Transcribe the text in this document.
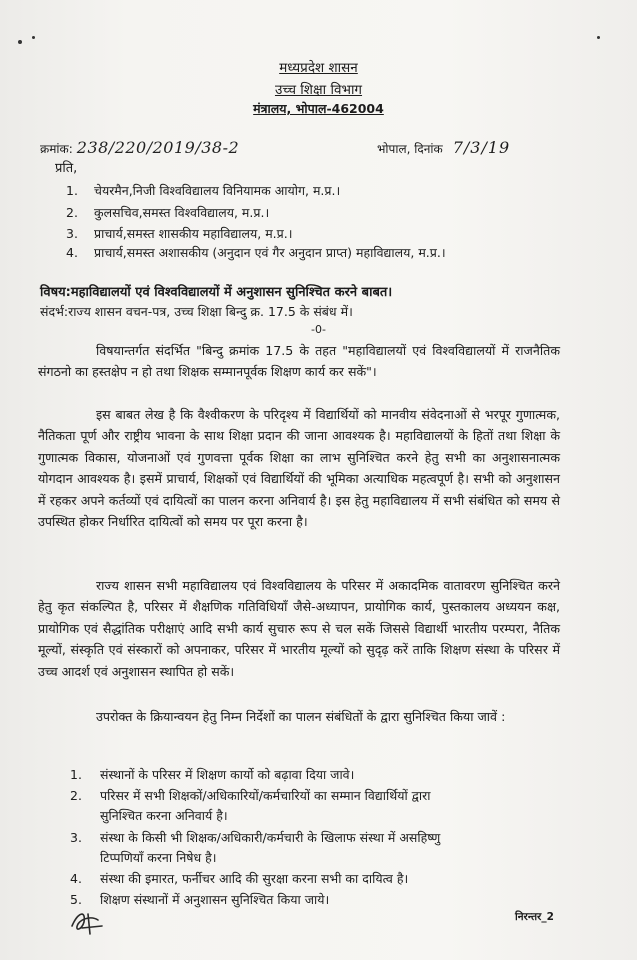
मध्यप्रदेश शासन
उच्च शिक्षा विभाग
मंत्रालय, भोपाल-462004
क्रमांक: 238/220/2019/38-2	भोपाल, दिनांक 7/3/19
प्रति,
1. चेयरमैन,निजी विश्वविद्यालय विनियामक आयोग, म.प्र.।
2. कुलसचिव,समस्त विश्वविद्यालय, म.प्र.।
3. प्राचार्य,समस्त शासकीय महाविद्यालय, म.प्र.।
4. प्राचार्य,समस्त अशासकीय (अनुदान एवं गैर अनुदान प्राप्त) महाविद्यालय, म.प्र.।
विषय:महाविद्यालयों एवं विश्वविद्यालयों में अनुशासन सुनिश्चित करने बाबत।
संदर्भ:राज्य शासन वचन-पत्र, उच्च शिक्षा बिन्दु क्र. 17.5 के संबंध में।
-0-
विषयान्तर्गत संदर्भित "बिन्दु क्रमांक 17.5 के तहत "महाविद्यालयों एवं विश्वविद्यालयों में राजनैतिक संगठनो का हस्तक्षेप न हो तथा शिक्षक सम्मानपूर्वक शिक्षण कार्य कर सकें"।
इस बाबत लेख है कि वैश्वीकरण के परिदृश्य में विद्यार्थियों को मानवीय संवेदनाओं से भरपूर गुणात्मक, नैतिकता पूर्ण और राष्ट्रीय भावना के साथ शिक्षा प्रदान की जाना आवश्यक है। महाविद्यालयों के हितों तथा शिक्षा के गुणात्मक विकास, योजनाओं एवं गुणवत्ता पूर्वक शिक्षा का लाभ सुनिश्चित करने हेतु सभी का अनुशासनात्मक योगदान आवश्यक है। इसमें प्राचार्य, शिक्षकों एवं विद्यार्थियों की भूमिका अत्याधिक महत्वपूर्ण है। सभी को अनुशासन में रहकर अपने कर्तव्यों एवं दायित्वों का पालन करना अनिवार्य है। इस हेतु महाविद्यालय में सभी संबंधित को समय से उपस्थित होकर निर्धारित दायित्वों को समय पर पूरा करना है।
राज्य शासन सभी महाविद्यालय एवं विश्वविद्यालय के परिसर में अकादमिक वातावरण सुनिश्चित करने हेतु कृत संकल्पित है, परिसर में शैक्षणिक गतिविधियाँ जैसे-अध्यापन, प्रायोगिक कार्य, पुस्तकालय अध्ययन कक्ष, प्रायोगिक एवं सैद्धांतिक परीक्षाएं आदि सभी कार्य सुचारु रूप से चल सकें जिससे विद्यार्थी भारतीय परम्परा, नैतिक मूल्यों, संस्कृति एवं संस्कारों को अपनाकर, परिसर में भारतीय मूल्यों को सुदृढ़ करें ताकि शिक्षण संस्था के परिसर में उच्च आदर्श एवं अनुशासन स्थापित हो सकें।
उपरोक्त के क्रियान्वयन हेतु निम्न निर्देशों का पालन संबंधितों के द्वारा सुनिश्चित किया जावें :
1. संस्थानों के परिसर में शिक्षण कार्यो को बढ़ावा दिया जावे।
2. परिसर में सभी शिक्षकों/अधिकारियों/कर्मचारियों का सम्मान विद्यार्थियों द्वारा
सुनिश्चित करना अनिवार्य है।
3. संस्था के किसी भी शिक्षक/अधिकारी/कर्मचारी के खिलाफ संस्था में असहिष्णु
टिप्पणियाँ करना निषेध है।
4. संस्था की इमारत, फर्नीचर आदि की सुरक्षा करना सभी का दायित्व है।
5. शिक्षण संस्थानों में अनुशासन सुनिश्चित किया जाये।
निरन्तर_2
